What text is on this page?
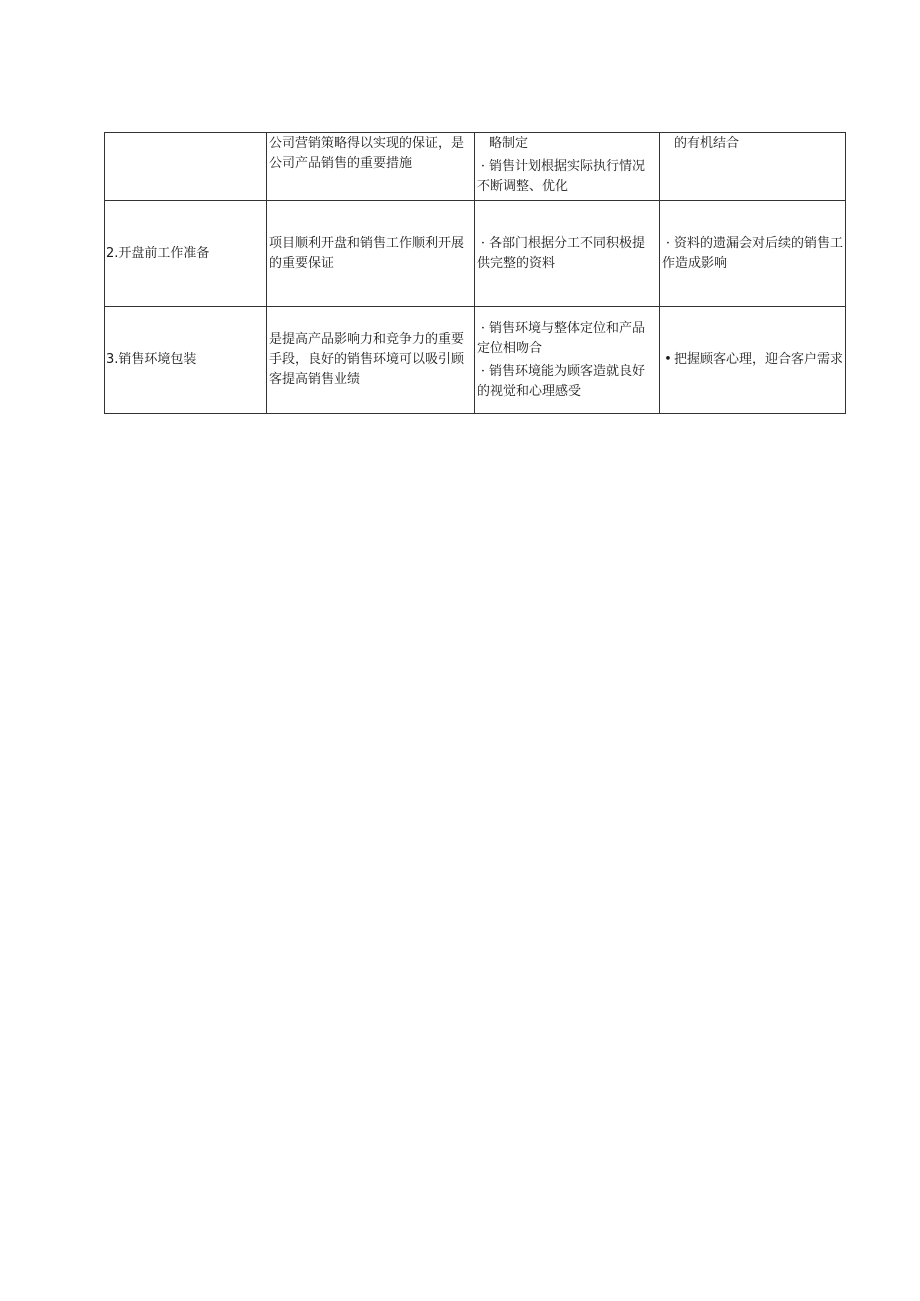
	公司营销策略得以实现的保证，是公司产品销售的重要措施	略制定
· 销售计划根据实际执行情况不断调整、优化	的有机结合

2.开盘前工作准备	项目顺利开盘和销售工作顺利开展的重要保证	· 各部门根据分工不同积极提供完整的资料	· 资料的遗漏会对后续的销售工作造成影响

3.销售环境包装	是提高产品影响力和竞争力的重要手段，良好的销售环境可以吸引顾客提高销售业绩	· 销售环境与整体定位和产品定位相吻合
· 销售环境能为顾客造就良好的视觉和心理感受	• 把握顾客心理，迎合客户需求
